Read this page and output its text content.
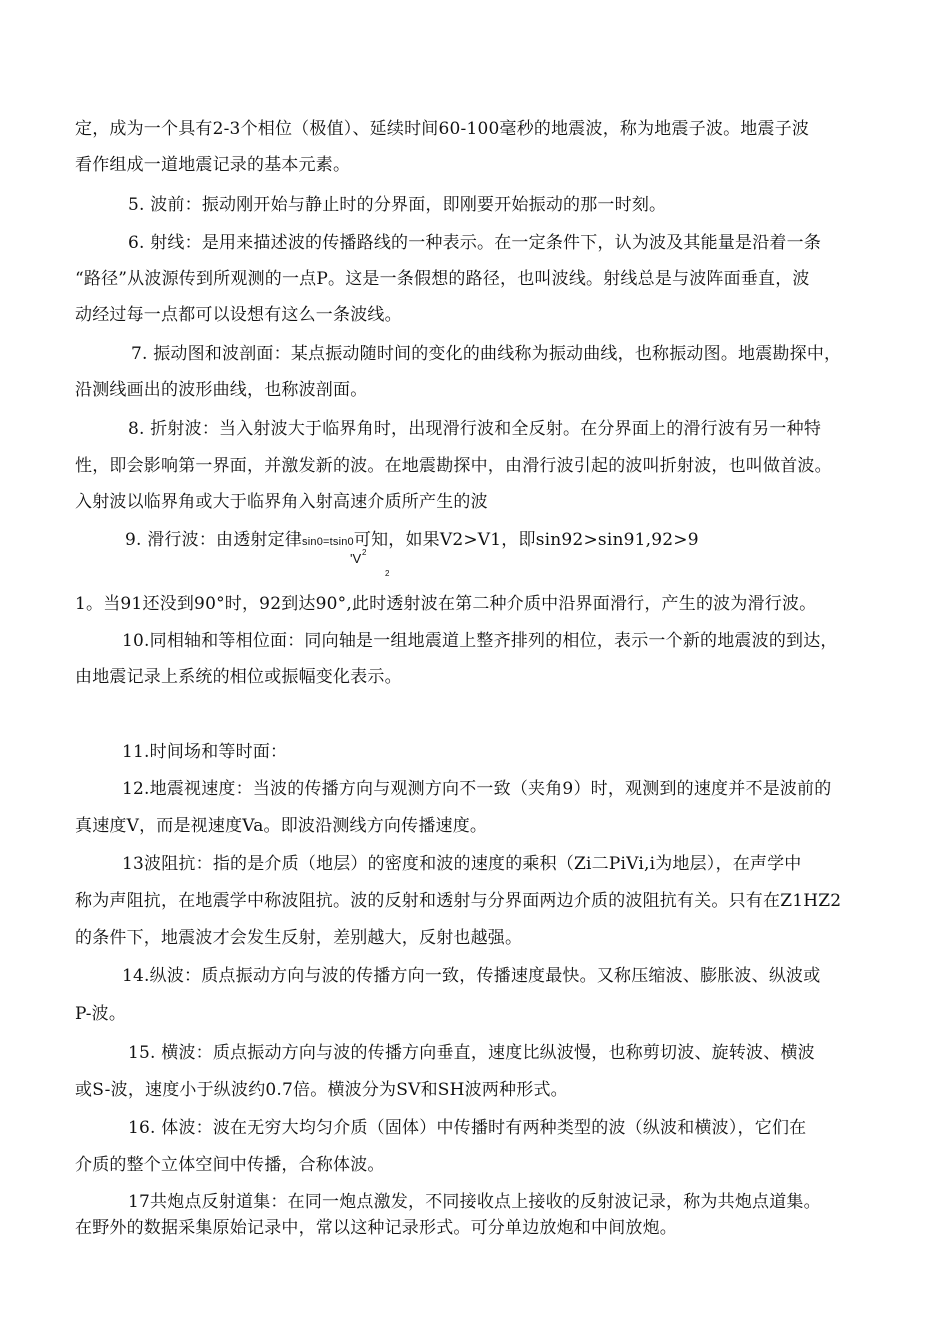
定，成为一个具有2-3个相位（极值）、延续时间60-100毫秒的地震波，称为地震子波。地震子波
看作组成一道地震记录的基本元素。
5. 波前：振动刚开始与静止时的分界面，即刚要开始振动的那一时刻。
6. 射线：是用来描述波的传播路线的一种表示。在一定条件下，认为波及其能量是沿着一条
“路径”从波源传到所观测的一点P。这是一条假想的路径，也叫波线。射线总是与波阵面垂直，波
动经过每一点都可以设想有这么一条波线。
7. 振动图和波剖面：某点振动随时间的变化的曲线称为振动曲线，也称振动图。地震勘探中，
沿测线画出的波形曲线，也称波剖面。
8. 折射波：当入射波大于临界角时，出现滑行波和全反射。在分界面上的滑行波有另一种特
性，即会影响第一界面，并激发新的波。在地震勘探中，由滑行波引起的波叫折射波，也叫做首波。
入射波以临界角或大于临界角入射高速介质所产生的波
9. 滑行波：由透射定律sin0=tsin0可知，如果V2>V1，即sin92>sin91,92>9
'V 2
2
1。当91还没到90°时，92到达90°,此时透射波在第二种介质中沿界面滑行，产生的波为滑行波。
10.同相轴和等相位面：同向轴是一组地震道上整齐排列的相位，表示一个新的地震波的到达，
由地震记录上系统的相位或振幅变化表示。
11.时间场和等时面：
12.地震视速度：当波的传播方向与观测方向不一致（夹角9）时，观测到的速度并不是波前的
真速度V，而是视速度Va。即波沿测线方向传播速度。
13波阻抗：指的是介质（地层）的密度和波的速度的乘积（Zi二PiVi,i为地层），在声学中
称为声阻抗，在地震学中称波阻抗。波的反射和透射与分界面两边介质的波阻抗有关。只有在Z1HZ2
的条件下，地震波才会发生反射，差别越大，反射也越强。
14.纵波：质点振动方向与波的传播方向一致，传播速度最快。又称压缩波、膨胀波、纵波或
P-波。
15. 横波：质点振动方向与波的传播方向垂直，速度比纵波慢，也称剪切波、旋转波、横波
或S-波，速度小于纵波约0.7倍。横波分为SV和SH波两种形式。
16. 体波：波在无穷大均匀介质（固体）中传播时有两种类型的波（纵波和横波），它们在
介质的整个立体空间中传播，合称体波。
17共炮点反射道集：在同一炮点激发，不同接收点上接收的反射波记录，称为共炮点道集。
在野外的数据采集原始记录中，常以这种记录形式。可分单边放炮和中间放炮。
